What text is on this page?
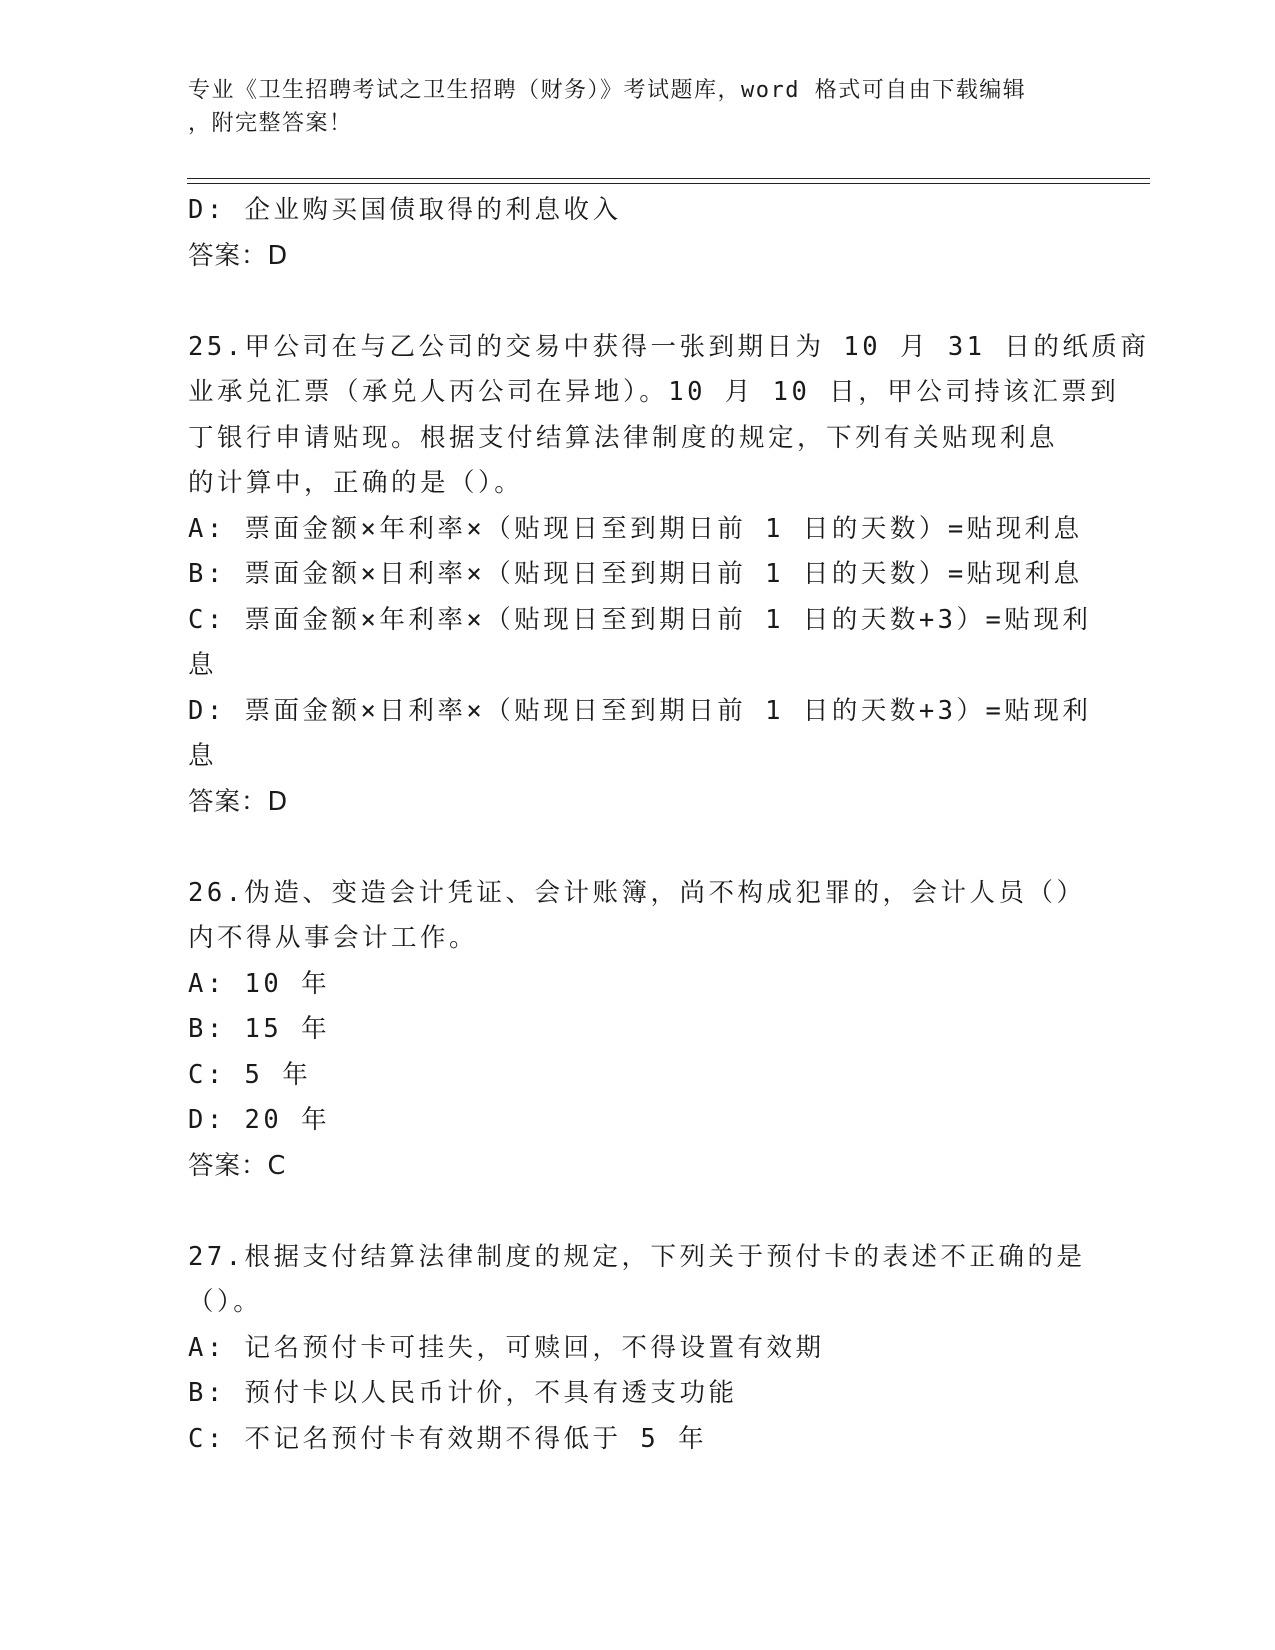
专业《卫生招聘考试之卫生招聘（财务）》考试题库，word 格式可自由下载编辑
，附完整答案！
D: 企业购买国债取得的利息收入
答案：D
25.甲公司在与乙公司的交易中获得一张到期日为 10 月 31 日的纸质商
业承兑汇票（承兑人丙公司在异地）。10 月 10 日，甲公司持该汇票到
丁银行申请贴现。根据支付结算法律制度的规定，下列有关贴现利息
的计算中，正确的是（）。
A: 票面金额×年利率×（贴现日至到期日前 1 日的天数）=贴现利息
B: 票面金额×日利率×（贴现日至到期日前 1 日的天数）=贴现利息
C: 票面金额×年利率×（贴现日至到期日前 1 日的天数+3）=贴现利
息
D: 票面金额×日利率×（贴现日至到期日前 1 日的天数+3）=贴现利
息
答案：D
26.伪造、变造会计凭证、会计账簿，尚不构成犯罪的，会计人员（）
内不得从事会计工作。
A: 10 年
B: 15 年
C: 5 年
D: 20 年
答案：C
27.根据支付结算法律制度的规定，下列关于预付卡的表述不正确的是
（）。
A: 记名预付卡可挂失，可赎回，不得设置有效期
B: 预付卡以人民币计价，不具有透支功能
C: 不记名预付卡有效期不得低于 5 年
